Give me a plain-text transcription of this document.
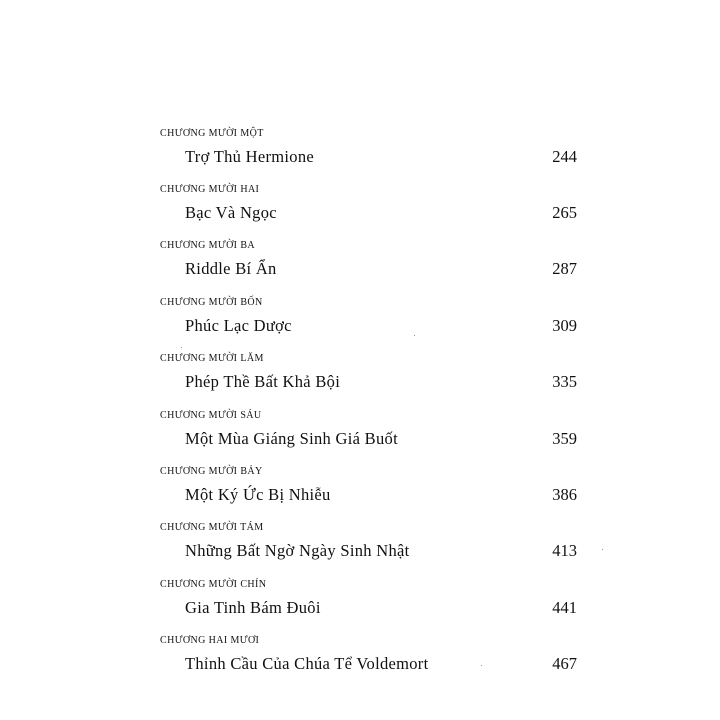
CHƯƠNG MƯỜI MỘT
Trợ Thủ Hermione	244
CHƯƠNG MƯỜI HAI
Bạc Và Ngọc	265
CHƯƠNG MƯỜI BA
Riddle Bí Ẩn	287
CHƯƠNG MƯỜI BỐN
Phúc Lạc Dược	309
CHƯƠNG MƯỜI LĂM
Phép Thề Bất Khả Bội	335
CHƯƠNG MƯỜI SÁU
Một Mùa Giáng Sinh Giá Buốt	359
CHƯƠNG MƯỜI BẢY
Một Ký Ức Bị Nhiễu	386
CHƯƠNG MƯỜI TÁM
Những Bất Ngờ Ngày Sinh Nhật	413
CHƯƠNG MƯỜI CHÍN
Gia Tinh Bám Đuôi	441
CHƯƠNG HAI MƯƠI
Thỉnh Cầu Của Chúa Tể Voldemort	467
